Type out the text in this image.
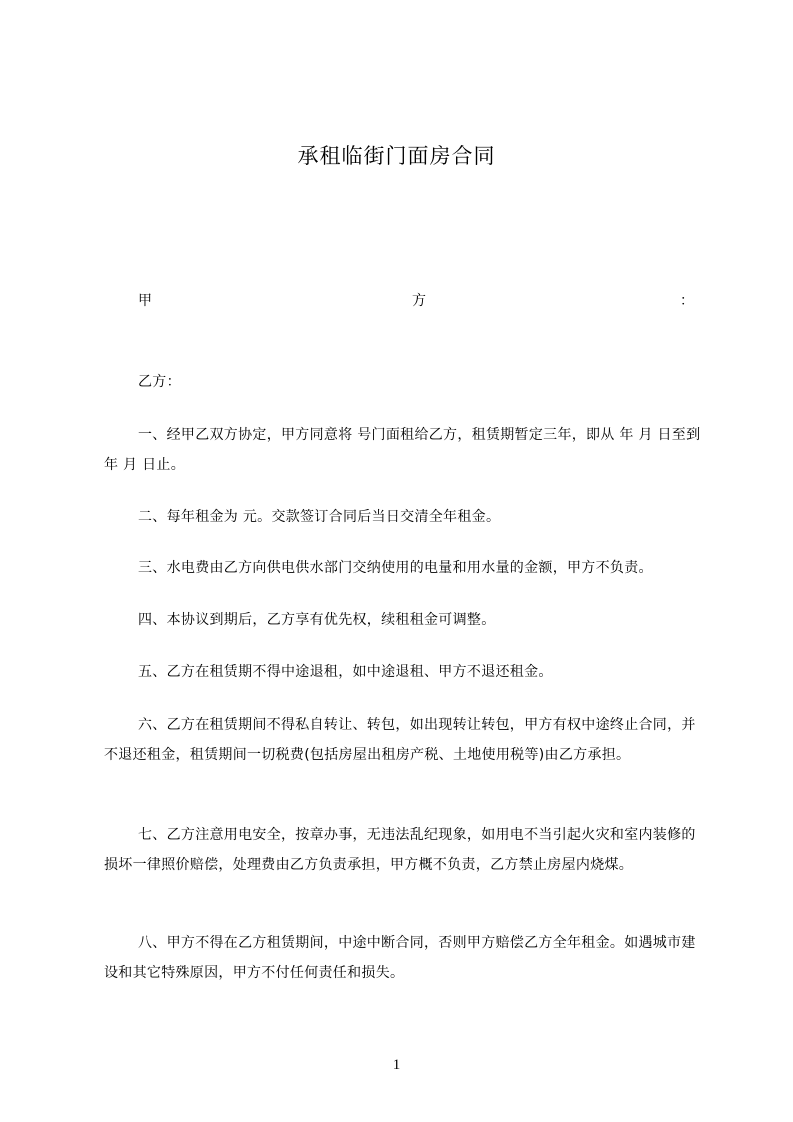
承租临街门面房合同
甲	方	：

乙方：

一、经甲乙双方协定，甲方同意将 号门面租给乙方，租赁期暂定三年，即从 年 月 日至到 年 月 日止。

二、每年租金为 元。交款签订合同后当日交清全年租金。

三、水电费由乙方向供电供水部门交纳使用的电量和用水量的金额，甲方不负责。

四、本协议到期后，乙方享有优先权，续租租金可调整。

五、乙方在租赁期不得中途退租，如中途退租、甲方不退还租金。

六、乙方在租赁期间不得私自转让、转包，如出现转让转包，甲方有权中途终止合同，并不退还租金，租赁期间一切税费(包括房屋出租房产税、土地使用税等)由乙方承担。

七、乙方注意用电安全，按章办事，无违法乱纪现象，如用电不当引起火灾和室内装修的损坏一律照价赔偿，处理费由乙方负责承担，甲方概不负责，乙方禁止房屋内烧煤。

八、甲方不得在乙方租赁期间，中途中断合同，否则甲方赔偿乙方全年租金。如遇城市建设和其它特殊原因，甲方不付任何责任和损失。

1
